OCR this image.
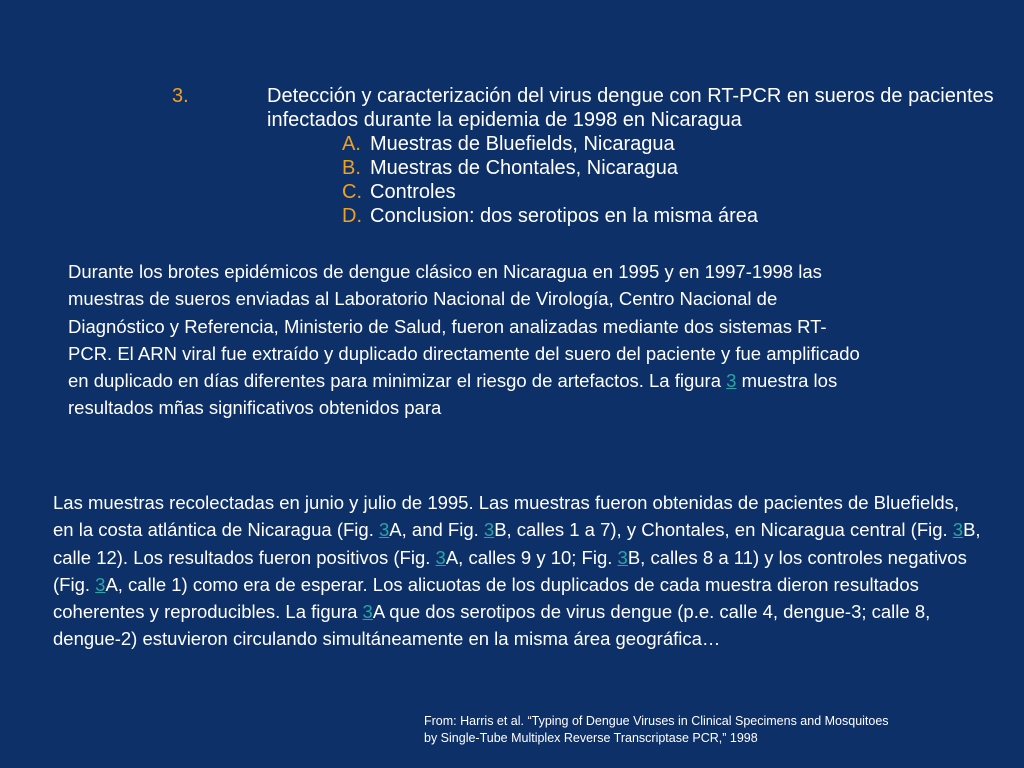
3.	Detección y caracterización del virus dengue con RT-PCR en sueros de pacientes infectados durante la epidemia de 1998 en Nicaragua
A. Muestras de Bluefields, Nicaragua
B. Muestras de Chontales, Nicaragua
C. Controles
D. Conclusion: dos serotipos en la misma área
Durante los brotes epidémicos de dengue clásico en Nicaragua en 1995 y en 1997-1998 las muestras de sueros enviadas al Laboratorio Nacional de Virología, Centro Nacional de Diagnóstico y Referencia, Ministerio de Salud, fueron analizadas mediante dos sistemas RT-PCR. El ARN viral fue extraído y duplicado directamente del suero del paciente y fue amplificado en duplicado en días diferentes para minimizar el riesgo de artefactos. La figura 3 muestra los resultados mñas significativos obtenidos para
Las muestras recolectadas en junio y julio de 1995. Las muestras fueron obtenidas de pacientes de Bluefields, en la costa atlántica de Nicaragua (Fig. 3A, and Fig. 3B, calles 1 a 7), y Chontales, en Nicaragua central (Fig. 3B, calle 12). Los resultados fueron positivos (Fig. 3A, calles 9 y 10; Fig. 3B, calles 8 a 11) y los controles negativos (Fig. 3A, calle 1) como era de esperar. Los alicuotas de los duplicados de cada muestra dieron resultados coherentes y reproducibles. La figura 3A que dos serotipos de virus dengue (p.e. calle 4, dengue-3; calle 8, dengue-2) estuvieron circulando simultáneamente en la misma área geográfica…
From: Harris et al. “Typing of Dengue Viruses in Clinical Specimens and Mosquitoes
by Single-Tube Multiplex Reverse Transcriptase PCR,” 1998
